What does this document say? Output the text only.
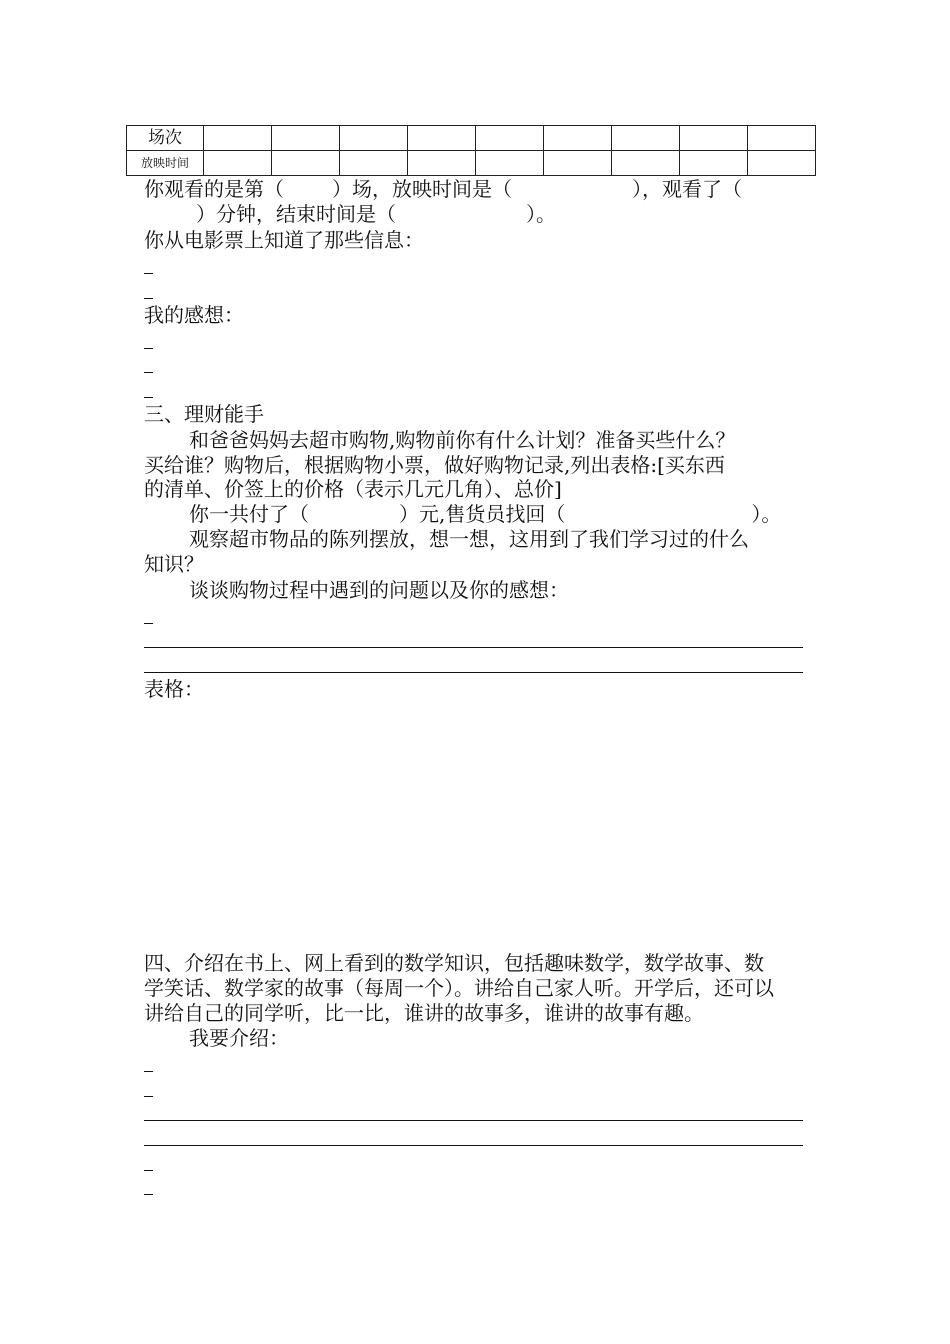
场次									
放映时间									
你观看的是第（ ）场，放映时间是（	），观看了（
）分钟，结束时间是（	）。
你从电影票上知道了那些信息：
我的感想：
三、理财能手
和爸爸妈妈去超市购物,购物前你有什么计划？准备买些什么？
买给谁？购物后，根据购物小票，做好购物记录,列出表格:[买东西
的清单、价签上的价格（表示几元几角）、总价]
你一共付了（	）元,售货员找回（	）。
观察超市物品的陈列摆放，想一想，这用到了我们学习过的什么
知识？
谈谈购物过程中遇到的问题以及你的感想：
表格：
四、介绍在书上、网上看到的数学知识，包括趣味数学，数学故事、数
学笑话、数学家的故事（每周一个）。讲给自己家人听。开学后，还可以
讲给自己的同学听，比一比，谁讲的故事多，谁讲的故事有趣。
我要介绍：
